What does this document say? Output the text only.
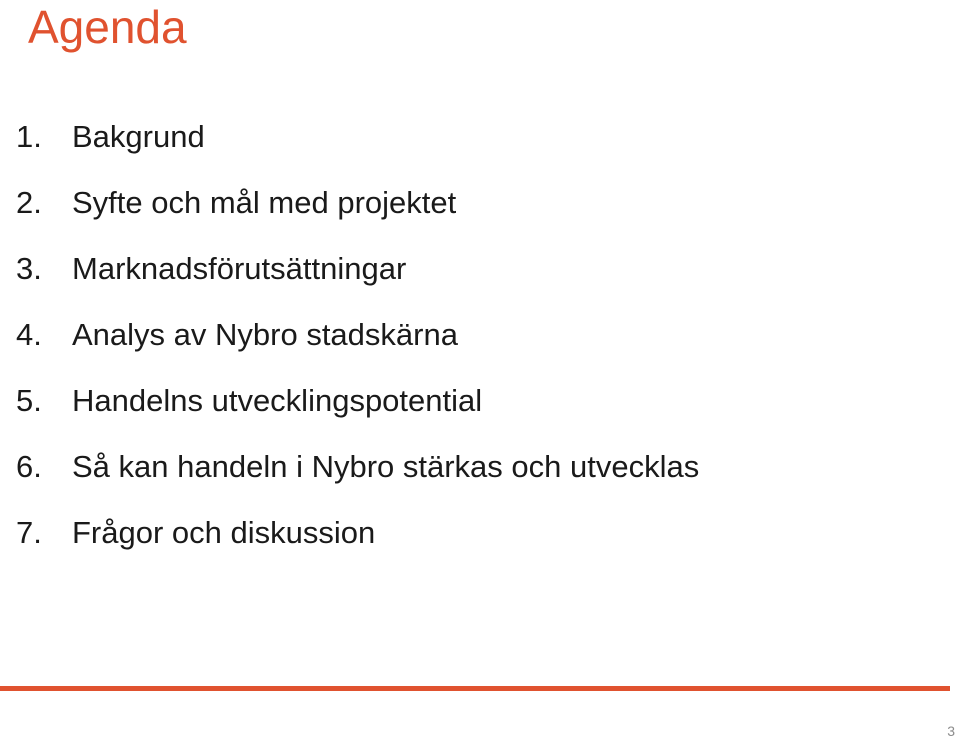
Agenda
1. Bakgrund
2. Syfte och mål med projektet
3. Marknadsförutsättningar
4. Analys av Nybro stadskärna
5. Handelns utvecklingspotential
6. Så kan handeln i Nybro stärkas och utvecklas
7. Frågor och diskussion
3
